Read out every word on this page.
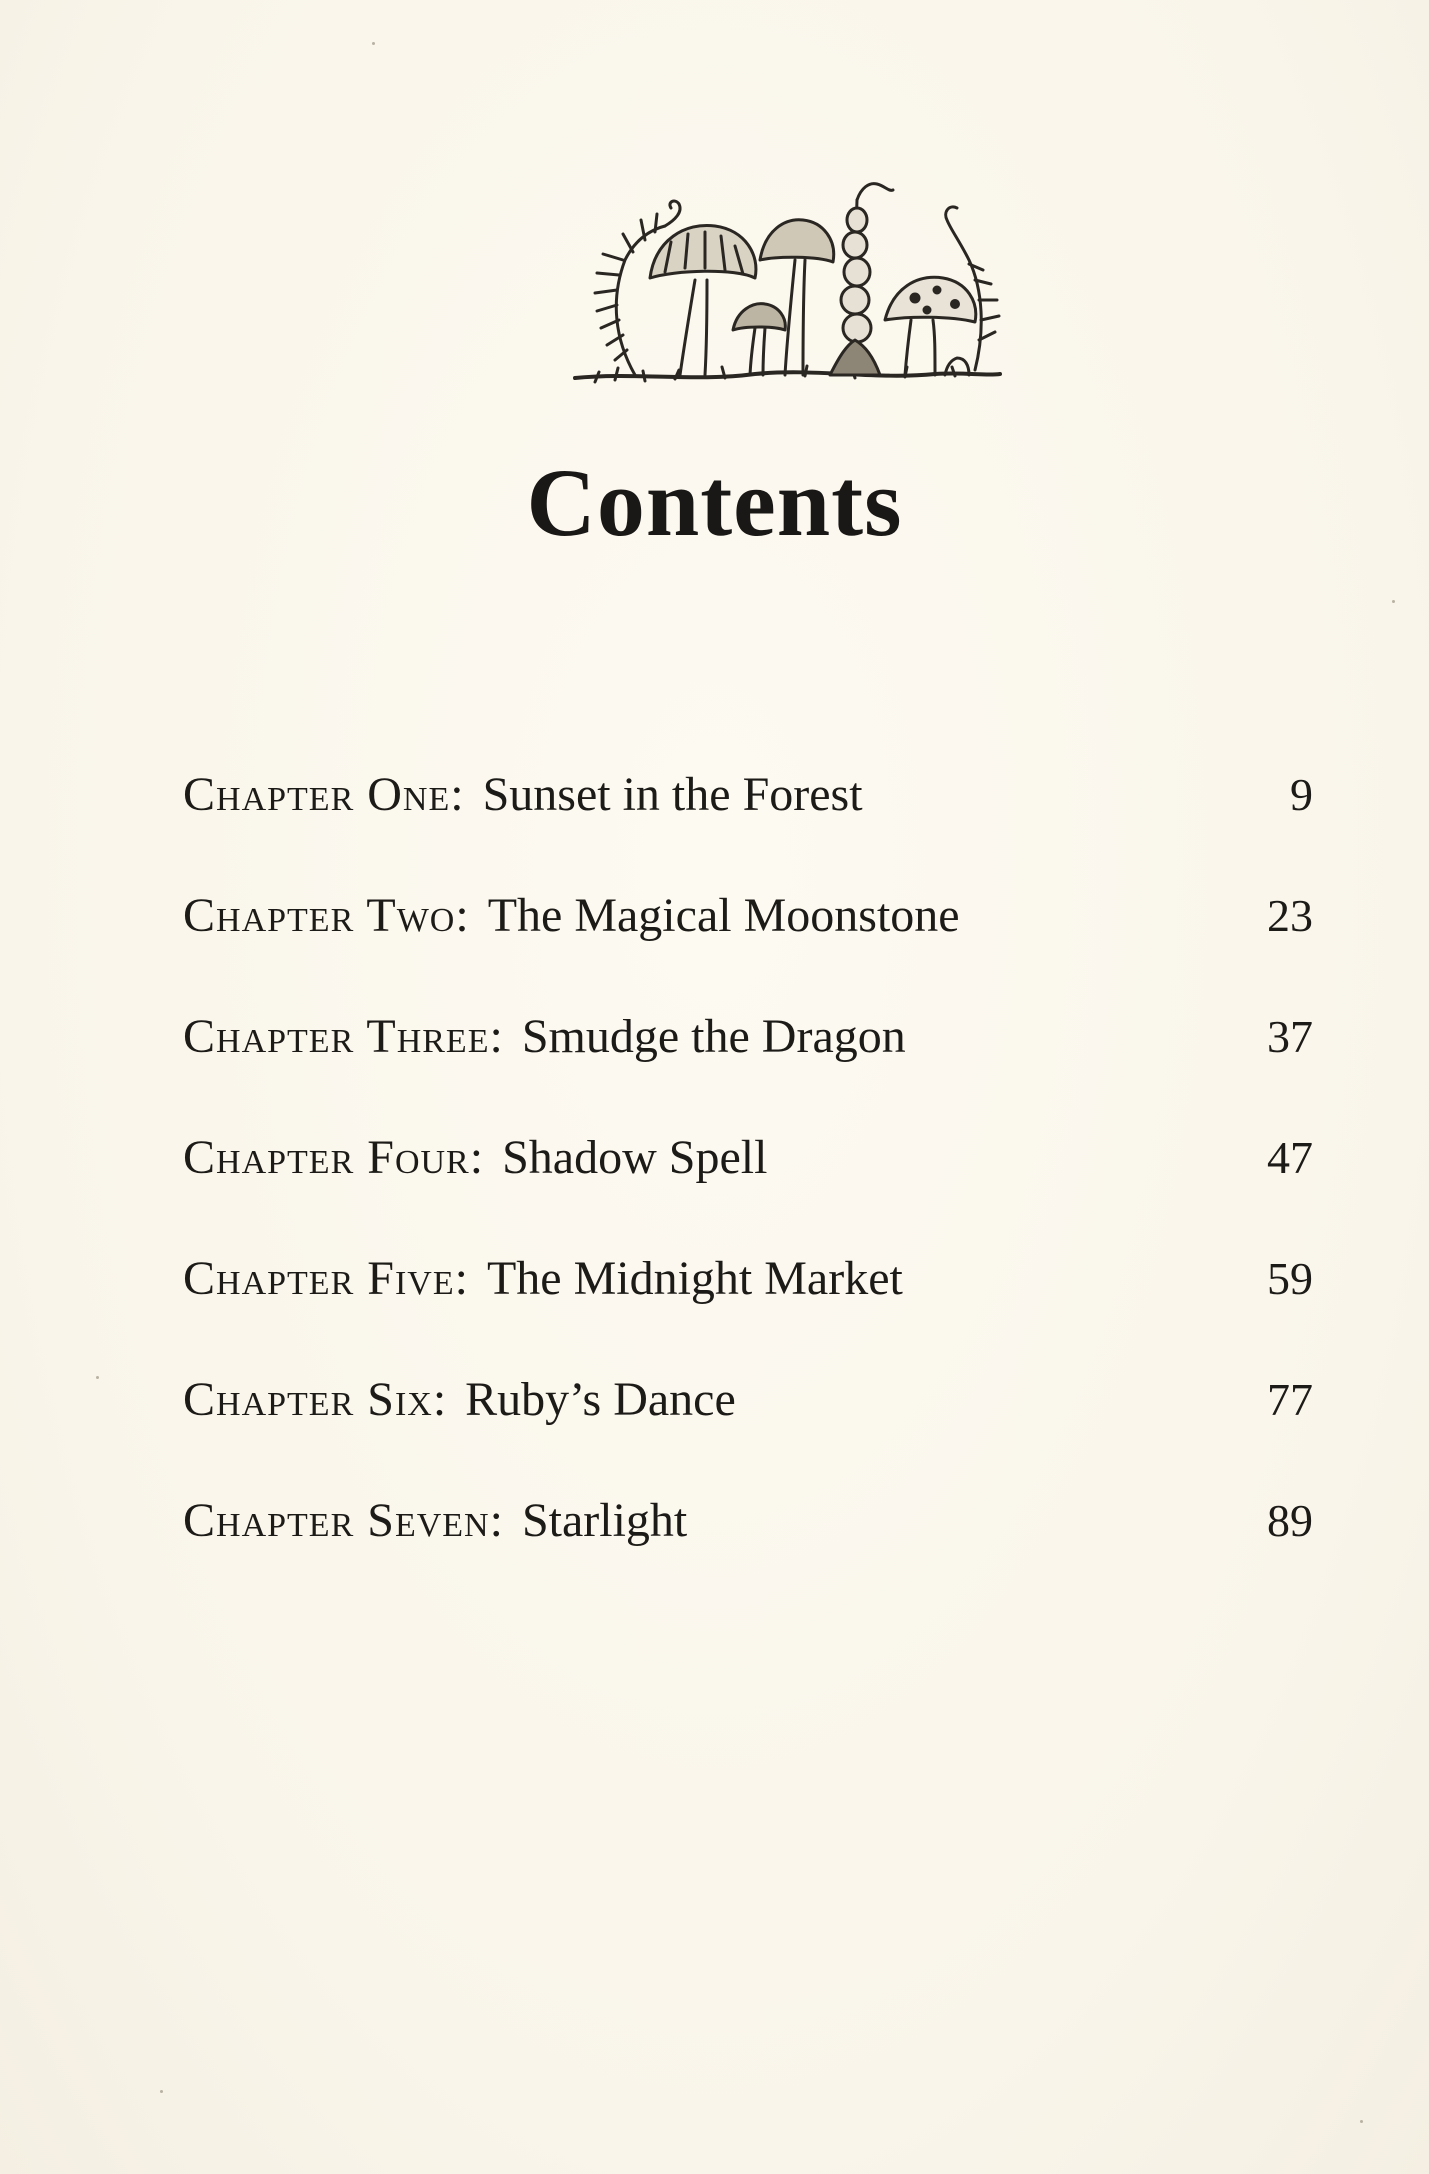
Contents
Chapter One: Sunset in the Forest	9
Chapter Two: The Magical Moonstone	23
Chapter Three: Smudge the Dragon	37
Chapter Four: Shadow Spell	47
Chapter Five: The Midnight Market	59
Chapter Six: Ruby’s Dance	77
Chapter Seven: Starlight	89
